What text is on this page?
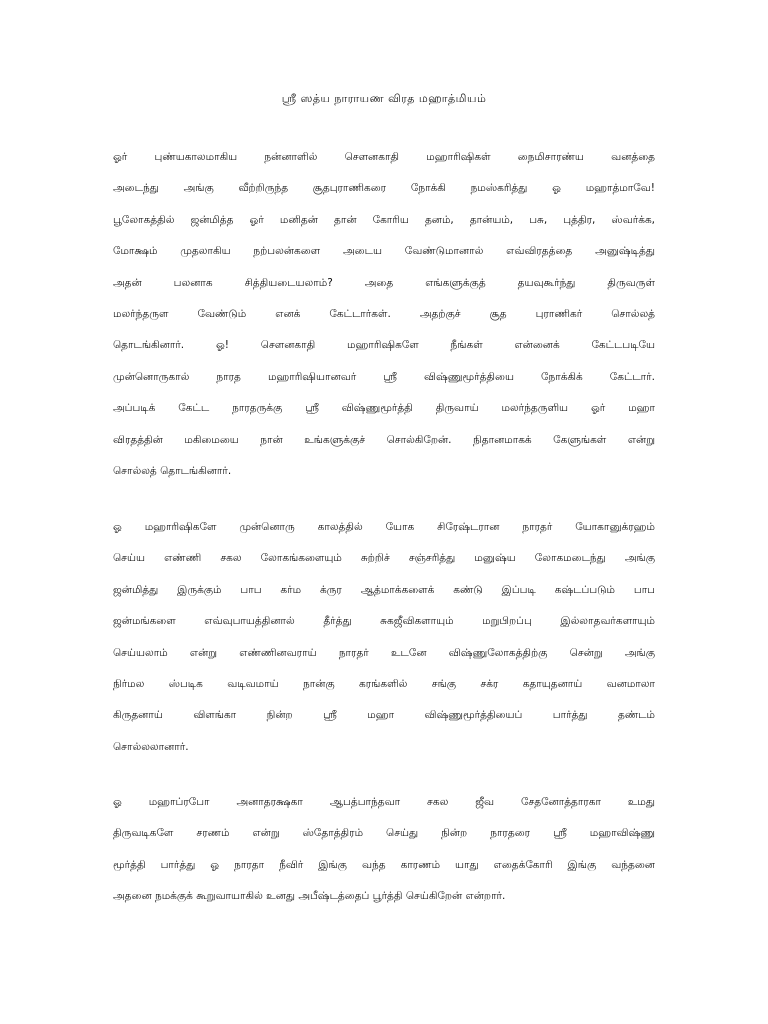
ஸ்ரீ ஸத்ய நாராயண விரத மஹாத்மியம்
ஓர் புண்யகாலமாகிய நன்னாளில் சௌனகாதி மஹாரிஷிகள் நைமிசாரண்ய வனத்தை
அடைந்து அங்கு வீற்றிருந்த சூதபுராணிகரை நோக்கி நமஸ்கரித்து ஓ மஹாத்மாவே!
பூலோகத்தில் ஜன்மித்த ஓர் மனிதன் தான் கோரிய தனம், தான்யம், பசு, புத்திர, ஸ்வர்க்க,
மோக்ஷம் முதலாகிய நற்பலன்களை அடைய வேண்டுமானால் எவ்விரதத்தை அனுஷ்டித்து
அதன் பலனாக சித்தியடையலாம்? அதை எங்களுக்குத் தயவுகூர்ந்து திருவருள்
மலர்ந்தருள வேண்டும் எனக் கேட்டார்கள். அதற்குச் சூத புராணிகர் சொல்லத்
தொடங்கினார். ஓ! சௌனகாதி மஹாரிஷிகளே நீங்கள் என்னைக் கேட்டபடியே
முன்னொருகால் நாரத மஹாரிஷியானவர் ஸ்ரீ விஷ்ணுமூர்த்தியை நோக்கிக் கேட்டார்.
அப்படிக் கேட்ட நாரதருக்கு ஸ்ரீ விஷ்ணுமூர்த்தி திருவாய் மலர்ந்தருளிய ஓர் மஹா
விரதத்தின் மகிமையை நான் உங்களுக்குச் சொல்கிறேன். நிதானமாகக் கேளுங்கள் என்று
சொல்லத் தொடங்கினார்.
ஓ மஹாரிஷிகளே முன்னொரு காலத்தில் யோக சிரேஷ்டரான நாரதர் யோகானுக்ரஹம்
செய்ய எண்ணி சகல லோகங்களையும் சுற்றிச் சஞ்சரித்து மனுஷ்ய லோகமடைந்து அங்கு
ஜன்மித்து இருக்கும் பாப கர்ம க்ருர ஆத்மாக்களைக் கண்டு இப்படி கஷ்டப்படும் பாப
ஜன்மங்களை எவ்வுபாயத்தினால் தீர்த்து சுகஜீவிகளாயும் மறுபிறப்பு இல்லாதவர்களாயும்
செய்யலாம் என்று எண்ணினவராய் நாரதர் உடனே விஷ்ணுலோகத்திற்கு சென்று அங்கு
நிர்மல ஸ்படிக வடிவமாய் நான்கு கரங்களில் சங்கு சக்ர கதாயுதனாய் வனமாலா
கிருதனாய் விளங்கா நின்ற ஸ்ரீ மஹா விஷ்ணுமூர்த்தியைப் பார்த்து தண்டம்
சொல்லலானார்.
ஓ மஹாப்ரபோ அனாதரக்ஷகா ஆபத்பாந்தவா சகல ஜீவ சேதனோத்தாரகா உமது
திருவடிகளே சரணம் என்று ஸ்தோத்திரம் செய்து நின்ற நாரதரை ஸ்ரீ மஹாவிஷ்ணு
மூர்த்தி பார்த்து ஓ நாரதா நீவிர் இங்கு வந்த காரணம் யாது எதைக்கோரி இங்கு வந்தனை
அதனை நமக்குக் கூறுவாயாகில் உனது அபீஷ்டத்தைப் பூர்த்தி செய்கிறேன் என்றார்.
